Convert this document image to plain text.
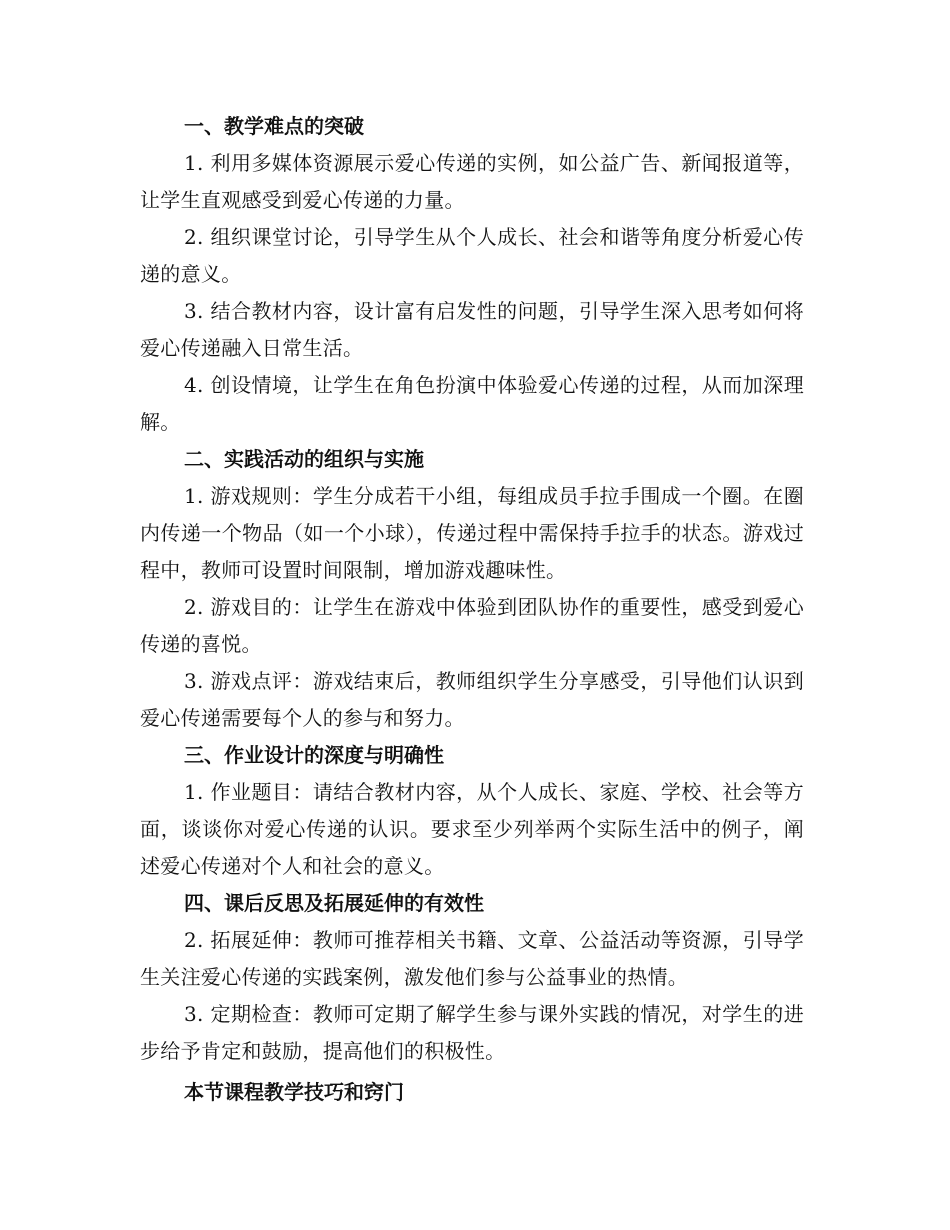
一、教学难点的突破

1. 利用多媒体资源展示爱心传递的实例，如公益广告、新闻报道等，让学生直观感受到爱心传递的力量。

2. 组织课堂讨论，引导学生从个人成长、社会和谐等角度分析爱心传递的意义。

3. 结合教材内容，设计富有启发性的问题，引导学生深入思考如何将爱心传递融入日常生活。

4. 创设情境，让学生在角色扮演中体验爱心传递的过程，从而加深理解。

二、实践活动的组织与实施

1. 游戏规则：学生分成若干小组，每组成员手拉手围成一个圈。在圈内传递一个物品（如一个小球），传递过程中需保持手拉手的状态。游戏过程中，教师可设置时间限制，增加游戏趣味性。

2. 游戏目的：让学生在游戏中体验到团队协作的重要性，感受到爱心传递的喜悦。

3. 游戏点评：游戏结束后，教师组织学生分享感受，引导他们认识到爱心传递需要每个人的参与和努力。

三、作业设计的深度与明确性

1. 作业题目：请结合教材内容，从个人成长、家庭、学校、社会等方面，谈谈你对爱心传递的认识。要求至少列举两个实际生活中的例子，阐述爱心传递对个人和社会的意义。

四、课后反思及拓展延伸的有效性

2. 拓展延伸：教师可推荐相关书籍、文章、公益活动等资源，引导学生关注爱心传递的实践案例，激发他们参与公益事业的热情。

3. 定期检查：教师可定期了解学生参与课外实践的情况，对学生的进步给予肯定和鼓励，提高他们的积极性。

本节课程教学技巧和窍门
